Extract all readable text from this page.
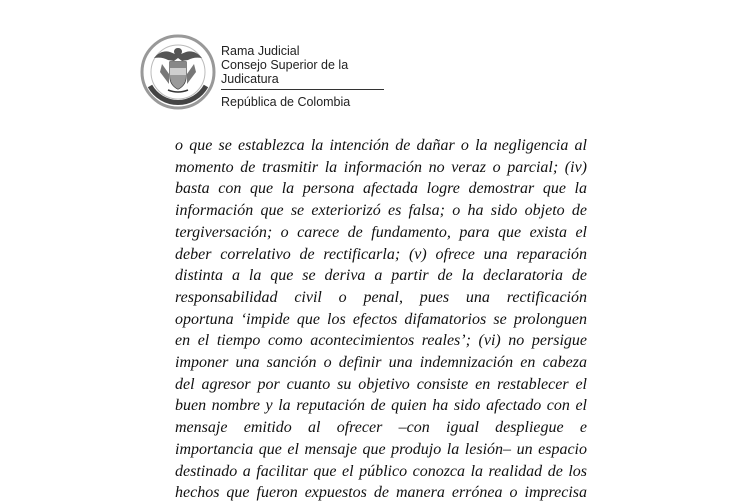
Rama Judicial
Consejo Superior de la Judicatura
República de Colombia

o que se establezca la intención de dañar o la negligencia al

momento de trasmitir la información no veraz o parcial; (iv)

basta con que la persona afectada logre demostrar que la

información que se exteriorizó es falsa; o ha sido objeto de

tergiversación; o carece de fundamento, para que exista el

deber correlativo de rectificarla; (v) ofrece una reparación

distinta a la que se deriva a partir de la declaratoria de

responsabilidad civil o penal, pues una rectificación

oportuna ‘impide que los efectos difamatorios se prolonguen

en el tiempo como acontecimientos reales’; (vi) no persigue

imponer una sanción o definir una indemnización en cabeza

del agresor por cuanto su objetivo consiste en restablecer el

buen nombre y la reputación de quien ha sido afectado con el

mensaje emitido al ofrecer –con igual despliegue e

importancia que el mensaje que produjo la lesión– un espacio

destinado a facilitar que el público conozca la realidad de los

hechos que fueron expuestos de manera errónea o imprecisa
